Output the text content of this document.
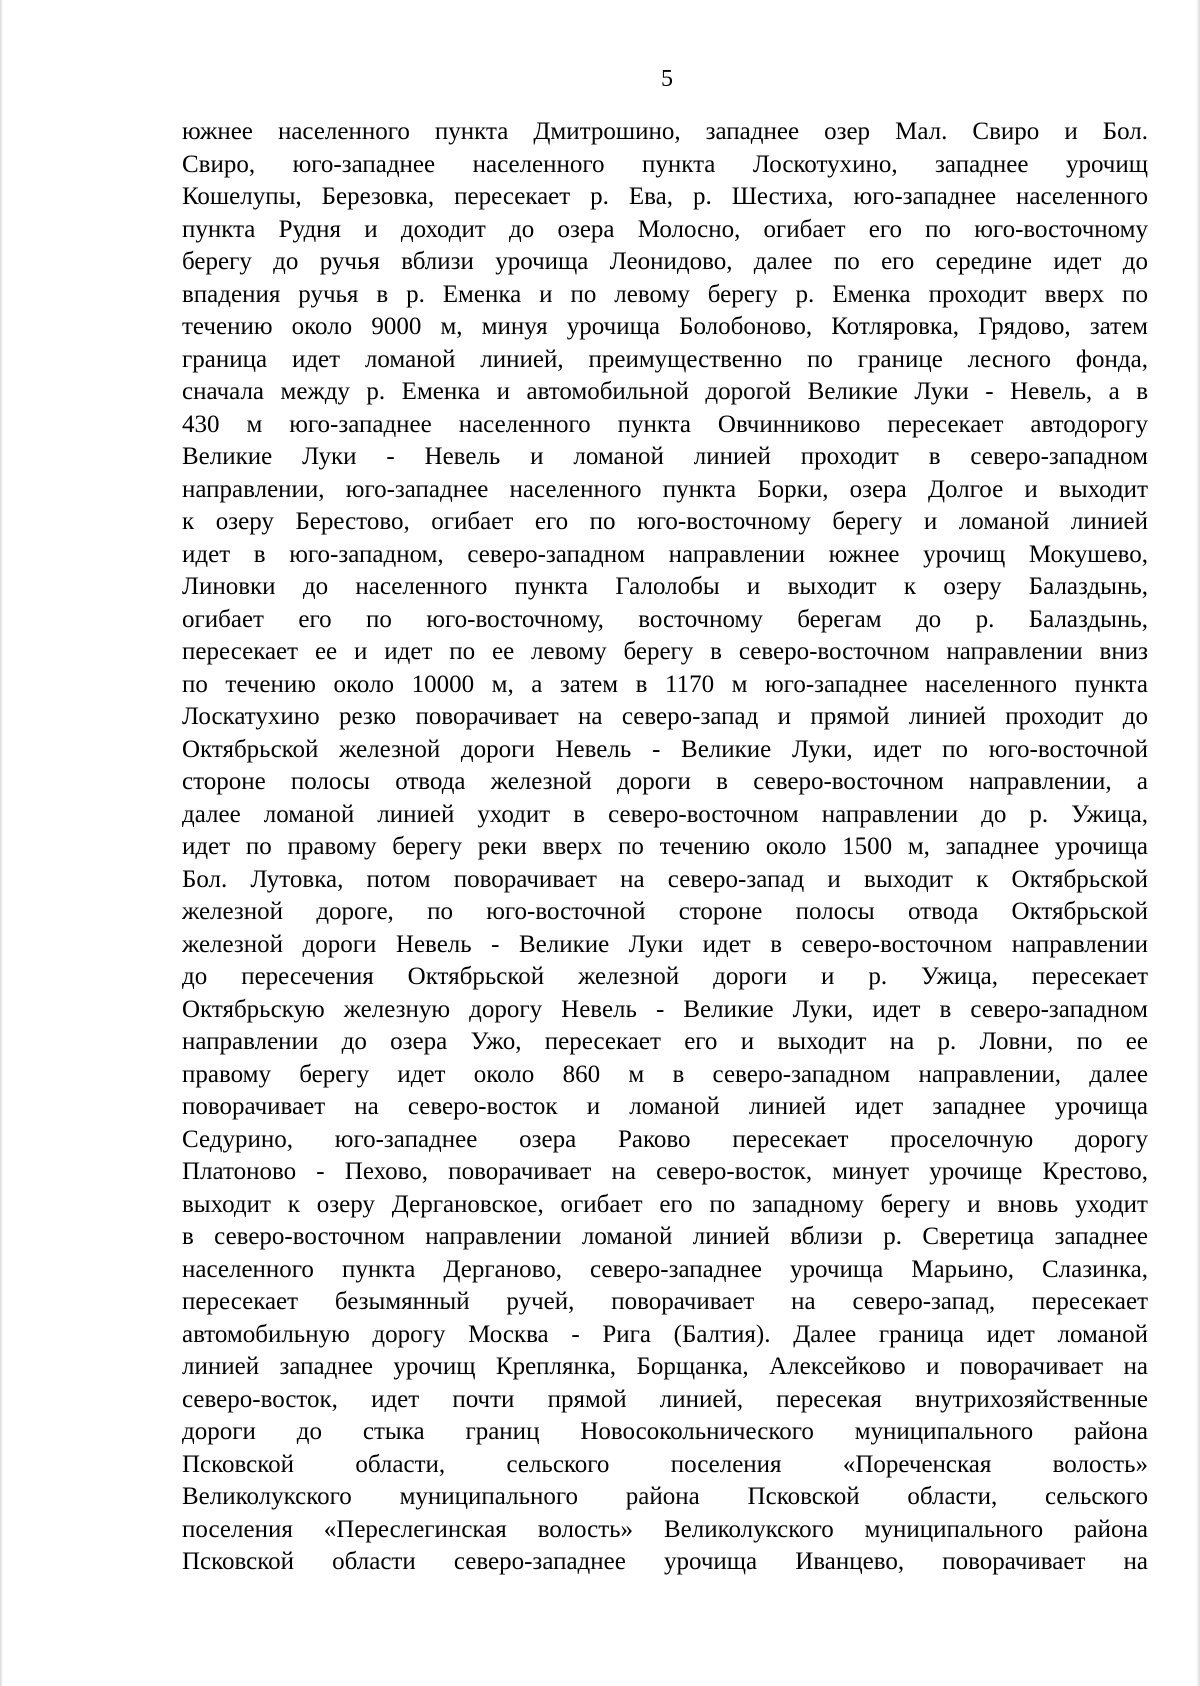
5
южнее населенного пункта Дмитрошино, западнее озер Мал. Свиро и Бол.
Свиро, юго-западнее населенного пункта Лоскотухино, западнее урочищ
Кошелупы, Березовка, пересекает р. Ева, р. Шестиха, юго-западнее населенного
пункта Рудня и доходит до озера Молосно, огибает его по юго-восточному
берегу до ручья вблизи урочища Леонидово, далее по его середине идет до
впадения ручья в р. Еменка и по левому берегу р. Еменка проходит вверх по
течению около 9000 м, минуя урочища Болобоново, Котляровка, Грядово, затем
граница идет ломаной линией, преимущественно по границе лесного фонда,
сначала между р. Еменка и автомобильной дорогой Великие Луки - Невель, а в
430 м юго-западнее населенного пункта Овчинниково пересекает автодорогу
Великие Луки - Невель и ломаной линией проходит в северо-западном
направлении, юго-западнее населенного пункта Борки, озера Долгое и выходит
к озеру Берестово, огибает его по юго-восточному берегу и ломаной линией
идет в юго-западном, северо-западном направлении южнее урочищ Мокушево,
Линовки до населенного пункта Галолобы и выходит к озеру Балаздынь,
огибает его по юго-восточному, восточному берегам до р. Балаздынь,
пересекает ее и идет по ее левому берегу в северо-восточном направлении вниз
по течению около 10000 м, а затем в 1170 м юго-западнее населенного пункта
Лоскатухино резко поворачивает на северо-запад и прямой линией проходит до
Октябрьской железной дороги Невель - Великие Луки, идет по юго-восточной
стороне полосы отвода железной дороги в северо-восточном направлении, а
далее ломаной линией уходит в северо-восточном направлении до р. Ужица,
идет по правому берегу реки вверх по течению около 1500 м, западнее урочища
Бол. Лутовка, потом поворачивает на северо-запад и выходит к Октябрьской
железной дороге, по юго-восточной стороне полосы отвода Октябрьской
железной дороги Невель - Великие Луки идет в северо-восточном направлении
до пересечения Октябрьской железной дороги и р. Ужица, пересекает
Октябрьскую железную дорогу Невель - Великие Луки, идет в северо-западном
направлении до озера Ужо, пересекает его и выходит на р. Ловни, по ее
правому берегу идет около 860 м в северо-западном направлении, далее
поворачивает на северо-восток и ломаной линией идет западнее урочища
Седурино, юго-западнее озера Раково пересекает проселочную дорогу
Платоново - Пехово, поворачивает на северо-восток, минует урочище Крестово,
выходит к озеру Дергановское, огибает его по западному берегу и вновь уходит
в северо-восточном направлении ломаной линией вблизи р. Сверетица западнее
населенного пункта Дерганово, северо-западнее урочища Марьино, Слазинка,
пересекает безымянный ручей, поворачивает на северо-запад, пересекает
автомобильную дорогу Москва - Рига (Балтия). Далее граница идет ломаной
линией западнее урочищ Креплянка, Борщанка, Алексейково и поворачивает на
северо-восток, идет почти прямой линией, пересекая внутрихозяйственные
дороги до стыка границ Новосокольнического муниципального района
Псковской области, сельского поселения «Пореченская волость»
Великолукского муниципального района Псковской области, сельского
поселения «Переслегинская волость» Великолукского муниципального района
Псковской области северо-западнее урочища Иванцево, поворачивает на
